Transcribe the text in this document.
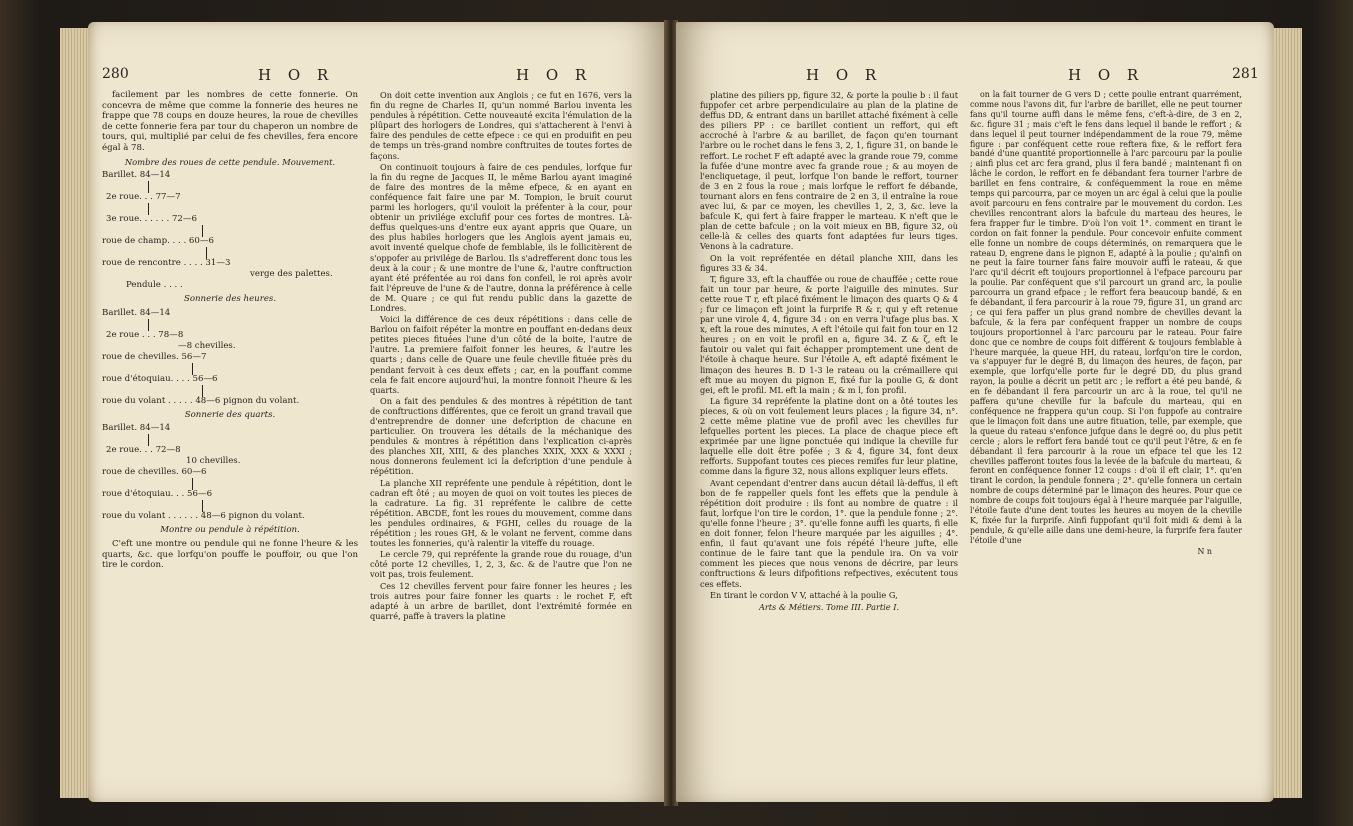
280	H O R	H O R

facilement par les nombres de cette fonnerie. On concevra de même que comme la fonnerie des heures ne frappe que 78 coups en douze heures, la roue de chevilles de cette fonnerie fera par tour du chaperon un nombre de tours, qui, multiplié par celui de fes chevilles, fera encore égal à 78.

Nombre des roues de cette pendule. Mouvement.
Barillet. 84—14
2e roue. . . 77—7
3e roue. . . . . . 72—6
roue de champ. . . . 60—6
roue de rencontre . . . . 31—3
verge des palettes.
Pendule . . . .
Sonnerie des heures.
Barillet. 84—14
2e roue . . . 78—8
—8 chevilles.
roue de chevilles. 56—7
roue d'étoquiau. . . . 56—6
roue du volant . . . . . 48—6 pignon du volant.
Sonnerie des quarts.
Barillet. 84—14
2e roue. . . 72—8
10 chevilles.
roue de chevilles. 60—6
roue d'étoquiau. . . 56—6
roue du volant . . . . . . 48—6 pignon du volant.
Montre ou pendule à répétition.

C'eft une montre ou pendule qui ne fonne l'heure & les quarts, &c. que lorfqu'on pouffe le pouffoir, ou que l'on tire le cordon.

On doit cette invention aux Anglois ; ce fut en 1676, vers la fin du regne de Charles II, qu'un nommé Barlou inventa les pendules à répétition. Cette nouveauté excita l'émulation de la plûpart des horlogers de Londres, qui s'attacherent à l'envi à faire des pendules de cette efpece : ce qui en produifit en peu de temps un très-grand nombre conftruites de toutes fortes de façons.

On continuoit toujours à faire de ces pendules, lorfque fur la fin du regne de Jacques II, le même Barlou ayant imaginé de faire des montres de la même efpece, & en ayant en conféquence fait faire une par M. Tompion, le bruit courut parmi les horlogers, qu'il vouloit la préfenter à la cour, pour obtenir un privilége exclufif pour ces fortes de montres. Là-deffus quelques-uns d'entre eux ayant appris que Quare, un des plus habiles horlogers que les Anglois ayent jamais eu, avoit inventé quelque chofe de femblable, ils le follicitèrent de s'oppofer au privilége de Barlou. Ils s'adrefferent donc tous les deux à la cour ; & une montre de l'une &, l'autre conftruction ayant été préfentée au roi dans fon confeil, le roi après avoir fait l'épreuve de l'une & de l'autre, donna la préférence à celle de M. Quare ; ce qui fut rendu public dans la gazette de Londres.

Voici la différence de ces deux répétitions : dans celle de Barlou on faifoit répéter la montre en pouffant en-dedans deux petites pieces fituées l'une d'un côté de la boite, l'autre de l'autre. La premiere faifoit fonner les heures, & l'autre les quarts ; dans celle de Quare une feule cheville fituée près du pendant fervoit à ces deux effets ; car, en la pouffant comme cela fe fait encore aujourd'hui, la montre fonnoit l'heure & les quarts.

On a fait des pendules & des montres à répétition de tant de conftructions différentes, que ce feroit un grand travail que d'entreprendre de donner une defcription de chacune en particulier. On trouvera les détails de la méchanique des pendules & montres à répétition dans l'explication ci-après des planches XII, XIII, & des planches XXIX, XXX & XXXI ; nous donnerons feulement ici la defcription d'une pendule à répétition.

La planche XII repréfente une pendule à répétition, dont le cadran eft ôté ; au moyen de quoi on voit toutes les pieces de la cadrature. La fig. 31 repréfente le calibre de cette répétition. ABCDE, font les roues du mouvement, comme dans les pendules ordinaires, & FGHI, celles du rouage de la répétition ; les roues GH, & le volant ne fervent, comme dans toutes les fonneries, qu'à ralentir la viteffe du rouage.

Le cercle 79, qui repréfente la grande roue du rouage, d'un côté porte 12 chevilles, 1, 2, 3, &c. & de l'autre que l'on ne voit pas, trois feulement.

Ces 12 chevilles fervent pour faire fonner les heures ; les trois autres pour faire fonner les quarts : le rochet F, eft adapté à un arbre de barillet, dont l'extrémité formée en quarré, paffe à travers la platine

H O R	H O R	281

platine des piliers pp, figure 32, & porte la poulie b : il faut fuppofer cet arbre perpendiculaire au plan de la platine de deffus DD, & entrant dans un barillet attaché fixément à celle des piliers PP : ce barillet contient un reffort, qui eft accroché à l'arbre & au barillet, de façon qu'en tournant l'arbre ou le rochet dans le fens 3, 2, 1, figure 31, on bande le reffort. Le rochet F eft adapté avec la grande roue 79, comme la fufée d'une montre avec fa grande roue ; & au moyen de l'encliquetage, il peut, lorfque l'on bande le reffort, tourner de 3 en 2 fous la roue ; mais lorfque le reffort fe débande, tournant alors en fens contraire de 2 en 3, il entraîne la roue avec lui, & par ce moyen, les chevilles 1, 2, 3, &c. leve la bafcule K, qui fert à faire frapper le marteau. K n'eft que le plan de cette bafcule ; on la voit mieux en BB, figure 32, où celle-là & celles des quarts font adaptées fur leurs tiges. Venons à la cadrature.

On la voit repréfentée en détail planche XIII, dans les figures 33 & 34.

T, figure 33, eft la chauffée ou roue de chauffée ; cette roue fait un tour par heure, & porte l'aiguille des minutes. Sur cette roue T r, eft placé fixément le limaçon des quarts Q & 4 ; fur ce limaçon eft joint la furprife R & r, qui y eft retenue par une virole 4, 4, figure 34 : on en verra l'ufage plus bas. X x, eft la roue des minutes, A eft l'étoile qui fait fon tour en 12 heures ; on en voit le profil en a, figure 34. Z & ζ, eft le fautoir ou valet qui fait échapper promptement une dent de l'étoile à chaque heure. Sur l'étoile A, eft adapté fixément le limaçon des heures B. D 1-3 le rateau ou la crémaillere qui eft mue au moyen du pignon E, fixé fur la poulie G, & dont gei, eft le profil. ML eft la main ; & m l, fon profil.

La figure 34 repréfente la platine dont on a ôté toutes les pieces, & où on voit feulement leurs places ; la figure 34, n°. 2 cette même platine vue de profil avec les chevilles fur lefquelles portent les pieces. La place de chaque piece eft exprimée par une ligne ponctuée qui indique la cheville fur laquelle elle doit être pofée ; 3 & 4, figure 34, font deux refforts. Suppofant toutes ces pieces remifes fur leur platine, comme dans la figure 32, nous allons expliquer leurs effets.

Avant cependant d'entrer dans aucun détail là-deffus, il eft bon de fe rappeller quels font les effets que la pendule à répétition doit produire : ils font au nombre de quatre : il faut, lorfque l'on tire le cordon, 1°. que la pendule fonne ; 2°. qu'elle fonne l'heure ; 3°. qu'elle fonne auffi les quarts, fi elle en doit fonner, felon l'heure marquée par les aiguilles ; 4°. enfin, il faut qu'avant une fois répété l'heure jufte, elle continue de le faire tant que la pendule ira. On va voir comment les pieces que nous venons de décrire, par leurs conftructions & leurs difpofitions refpectives, exécutent tous ces effets.

En tirant le cordon V V, attaché à la poulie G,

Arts & Métiers. Tome III. Partie I.

on la fait tourner de G vers D ; cette poulie entrant quarrément, comme nous l'avons dit, fur l'arbre de barillet, elle ne peut tourner fans qu'il tourne auffi dans le même fens, c'eft-à-dire, de 3 en 2, &c. figure 31 ; mais c'eft le fens dans lequel il bande le reffort ; & dans lequel il peut tourner indépendamment de la roue 79, même figure : par conféquent cette roue reftera fixe, & le reffort fera bandé d'une quantité proportionnelle à l'arc parcouru par la poulie ; ainfi plus cet arc fera grand, plus il fera bandé ; maintenant fi on lâche le cordon, le reffort en fe débandant fera tourner l'arbre de barillet en fens contraire, & conféquemment la roue en même temps qui parcourra, par ce moyen un arc égal à celui que la poulie avoit parcouru en fens contraire par le mouvement du cordon. Les chevilles rencontrant alors la bafcule du marteau des heures, le fera frapper fur le timbre. D'où l'on voit 1°. comment en tirant le cordon on fait fonner la pendule. Pour concevoir enfuite comment elle fonne un nombre de coups déterminés, on remarquera que le rateau D, engrene dans le pignon E, adapté à la poulie ; qu'ainfi on ne peut la faire tourner fans faire mouvoir auffi le rateau, & que l'arc qu'il décrit eft toujours proportionnel à l'efpace parcouru par la poulie. Par conféquent que s'il parcourt un grand arc, la poulie parcourra un grand efpace ; le reffort fera beaucoup bandé, & en fe débandant, il fera parcourir à la roue 79, figure 31, un grand arc ; ce qui fera paffer un plus grand nombre de chevilles devant la bafcule, & la fera par conféquent frapper un nombre de coups toujours proportionnel à l'arc parcouru par le rateau. Pour faire donc que ce nombre de coups foit différent & toujours femblable à l'heure marquée, la queue HH, du rateau, lorfqu'on tire le cordon, va s'appuyer fur le degré B, du limaçon des heures, de façon, par exemple, que lorfqu'elle porte fur le degré DD, du plus grand rayon, la poulie a décrit un petit arc ; le reffort a été peu bandé, & en fe débandant il fera parcourir un arc à la roue, tel qu'il ne paffera qu'une cheville fur la bafcule du marteau, qui en conféquence ne frappera qu'un coup. Si l'on fuppofe au contraire que le limaçon foit dans une autre fituation, telle, par exemple, que la queue du rateau s'enfonce jufque dans le degré oo, du plus petit cercle ; alors le reffort fera bandé tout ce qu'il peut l'être, & en fe débandant il fera parcourir à la roue un efpace tel que les 12 chevilles pafferont toutes fous la levée de la bafcule du marteau, & feront en conféquence fonner 12 coups : d'où il eft clair, 1°. qu'en tirant le cordon, la pendule fonnera ; 2°. qu'elle fonnera un certain nombre de coups déterminé par le limaçon des heures. Pour que ce nombre de coups foit toujours égal à l'heure marquée par l'aiguille, l'étoile faute d'une dent toutes les heures au moyen de la cheville K, fixée fur la furprife. Ainfi fuppofant qu'il foit midi & demi à la pendule, & qu'elle aille dans une demi-heure, la furprife fera fauter l'étoile d'une

N n
